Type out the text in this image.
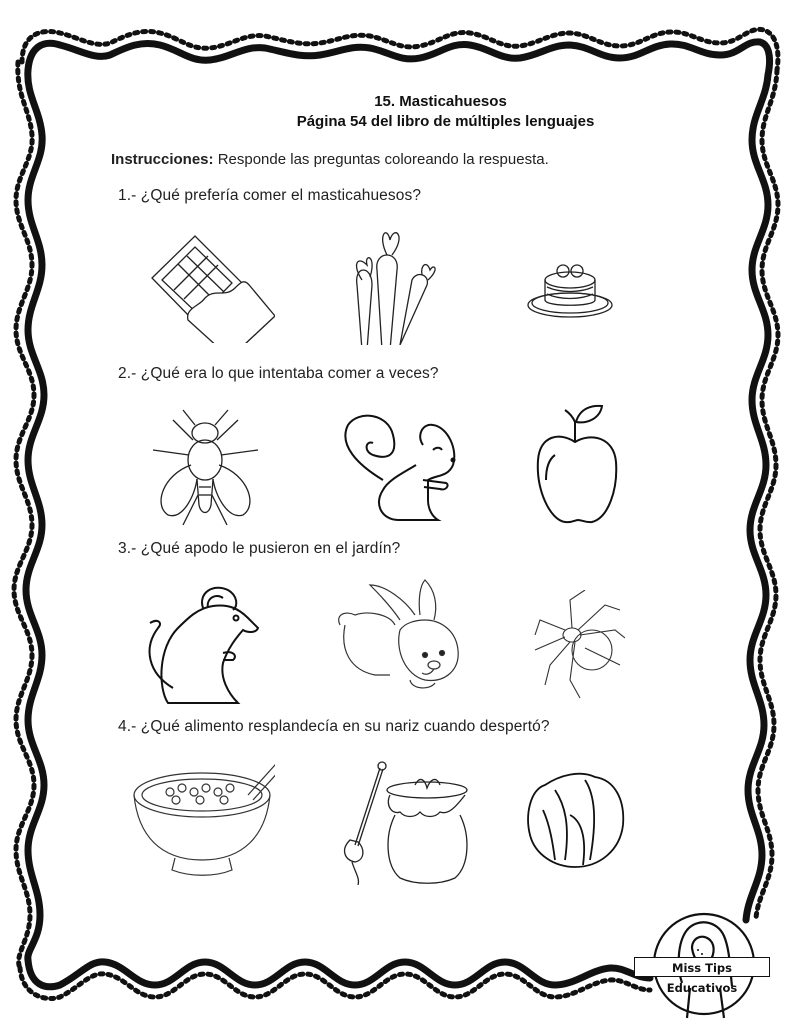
15. Masticahuesos
Página 54 del libro de múltiples lenguajes
Instrucciones: Responde las preguntas coloreando la respuesta.
1.- ¿Qué prefería comer el masticahuesos?
2.- ¿Qué era lo que intentaba comer a veces?
3.- ¿Qué apodo le pusieron en el jardín?
4.- ¿Qué alimento resplandecía en su nariz cuando despertó?
Miss Tips Educativos
